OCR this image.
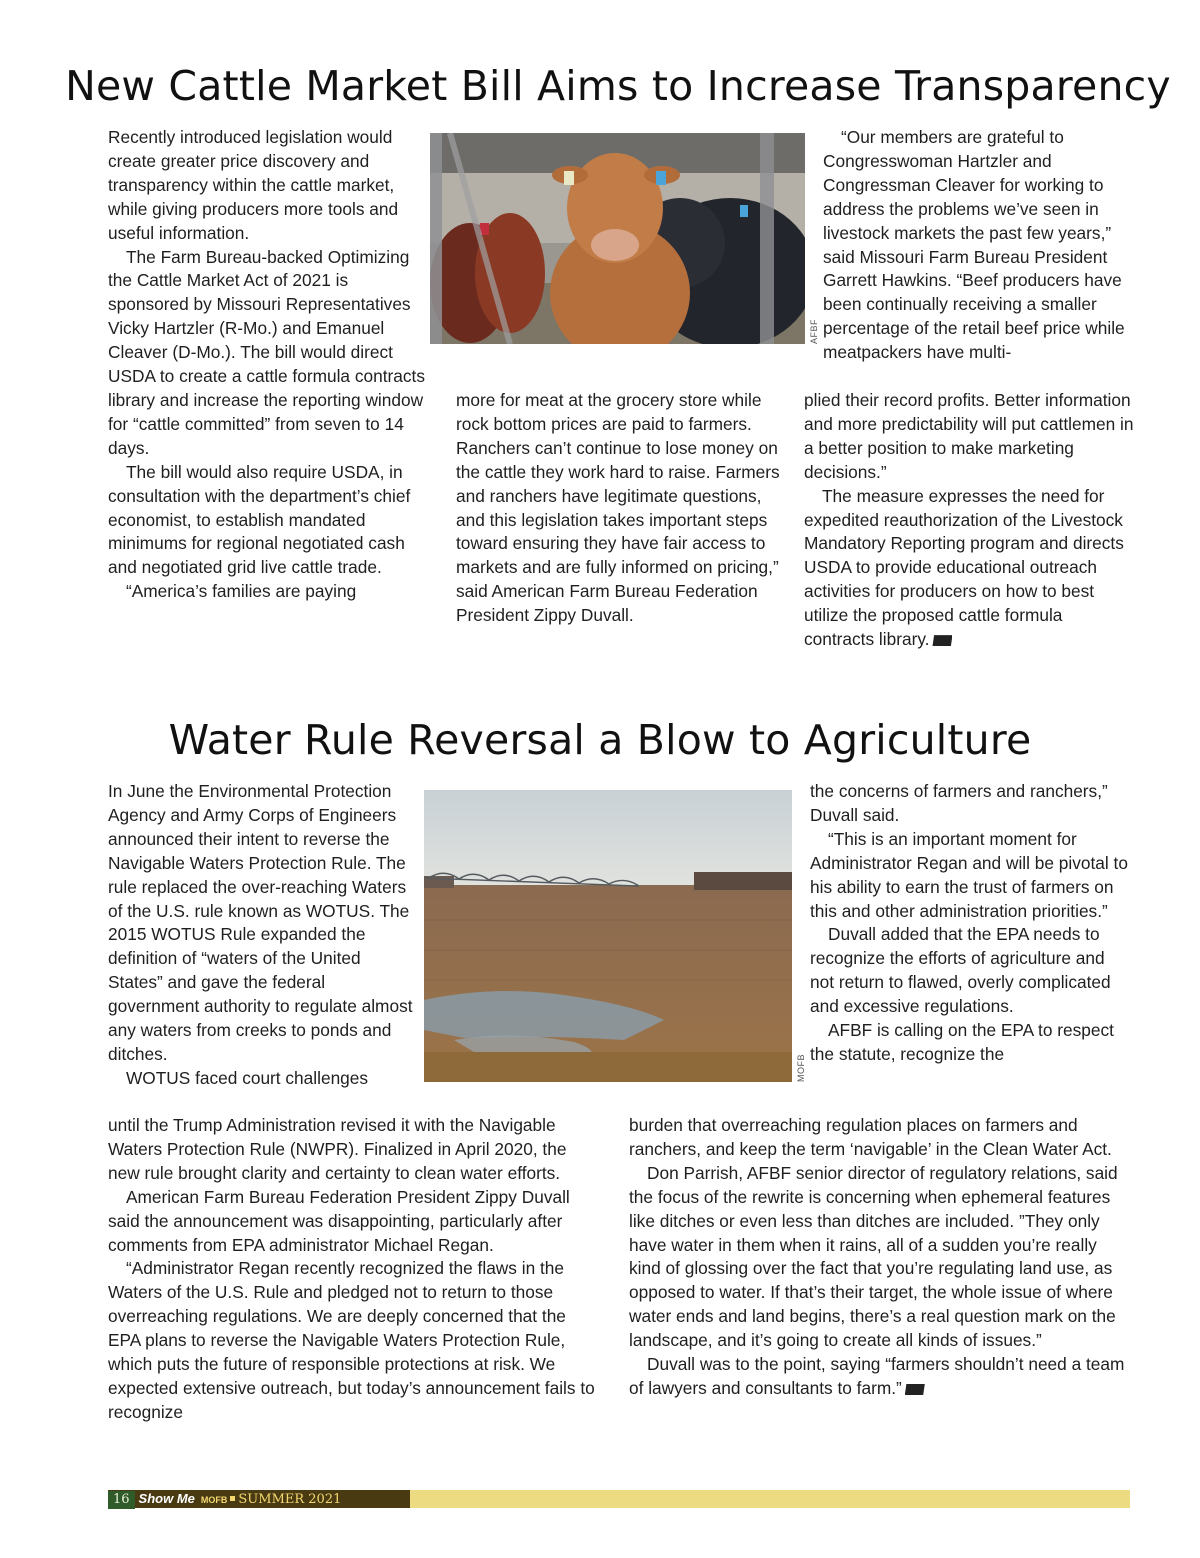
New Cattle Market Bill Aims to Increase Transparency

Recently introduced legislation would create greater price discovery and transparency within the cattle market, while giving producers more tools and useful information.

The Farm Bureau-backed Optimizing the Cattle Market Act of 2021 is sponsored by Missouri Representatives Vicky Hartzler (R-Mo.) and Emanuel Cleaver (D-Mo.). The bill would direct USDA to create a cattle formula contracts library and increase the reporting window for “cattle committed” from seven to 14 days.

The bill would also require USDA, in consultation with the department’s chief economist, to establish mandated minimums for regional negotiated cash and negotiated grid live cattle trade.

“America’s families are paying

AFBF

more for meat at the grocery store while rock bottom prices are paid to farmers. Ranchers can’t continue to lose money on the cattle they work hard to raise. Farmers and ranchers have legitimate questions, and this legislation takes important steps toward ensuring they have fair access to markets and are fully informed on pricing,” said American Farm Bureau Federation President Zippy Duvall.

“Our members are grateful to Congresswoman Hartzler and Congressman Cleaver for working to address the problems we’ve seen in livestock markets the past few years,” said Missouri Farm Bureau President Garrett Hawkins. “Beef producers have been continually receiving a smaller percentage of the retail beef price while meatpackers have multi-

plied their record profits. Better information and more predictability will put cattlemen in a better position to make marketing decisions.”

The measure expresses the need for expedited reauthorization of the Livestock Mandatory Reporting program and directs USDA to provide educational outreach activities for producers on how to best utilize the proposed cattle formula contracts library.

Water Rule Reversal a Blow to Agriculture

In June the Environmental Protection Agency and Army Corps of Engineers announced their intent to reverse the Navigable Waters Protection Rule. The rule replaced the over-reaching Waters of the U.S. rule known as WOTUS. The 2015 WOTUS Rule expanded the definition of “waters of the United States” and gave the federal government authority to regulate almost any waters from creeks to ponds and ditches.

WOTUS faced court challenges	MOFB

until the Trump Administration revised it with the Navigable Waters Protection Rule (NWPR). Finalized in April 2020, the new rule brought clarity and certainty to clean water efforts.

American Farm Bureau Federation President Zippy Duvall said the announcement was disappointing, particularly after comments from EPA administrator Michael Regan.

“Administrator Regan recently recognized the flaws in the Waters of the U.S. Rule and pledged not to return to those overreaching regulations. We are deeply concerned that the EPA plans to reverse the Navigable Waters Protection Rule, which puts the future of responsible protections at risk. We expected extensive outreach, but today’s announcement fails to recognize

the concerns of farmers and ranchers,” Duvall said.

“This is an important moment for Administrator Regan and will be pivotal to his ability to earn the trust of farmers on this and other administration priorities.”

Duvall added that the EPA needs to recognize the efforts of agriculture and not return to flawed, overly complicated and excessive regulations.

AFBF is calling on the EPA to respect the statute, recognize the

burden that overreaching regulation places on farmers and ranchers, and keep the term ‘navigable’ in the Clean Water Act.

Don Parrish, AFBF senior director of regulatory relations, said the focus of the rewrite is concerning when ephemeral features like ditches or even less than ditches are included. ”They only have water in them when it rains, all of a sudden you’re really kind of glossing over the fact that you’re regulating land use, as opposed to water. If that’s their target, the whole issue of where water ends and land begins, there’s a real question mark on the landscape, and it’s going to create all kinds of issues.”

Duvall was to the point, saying “farmers shouldn’t need a team of lawyers and consultants to farm.”

16 Show Me MOFB SUMMER 2021
